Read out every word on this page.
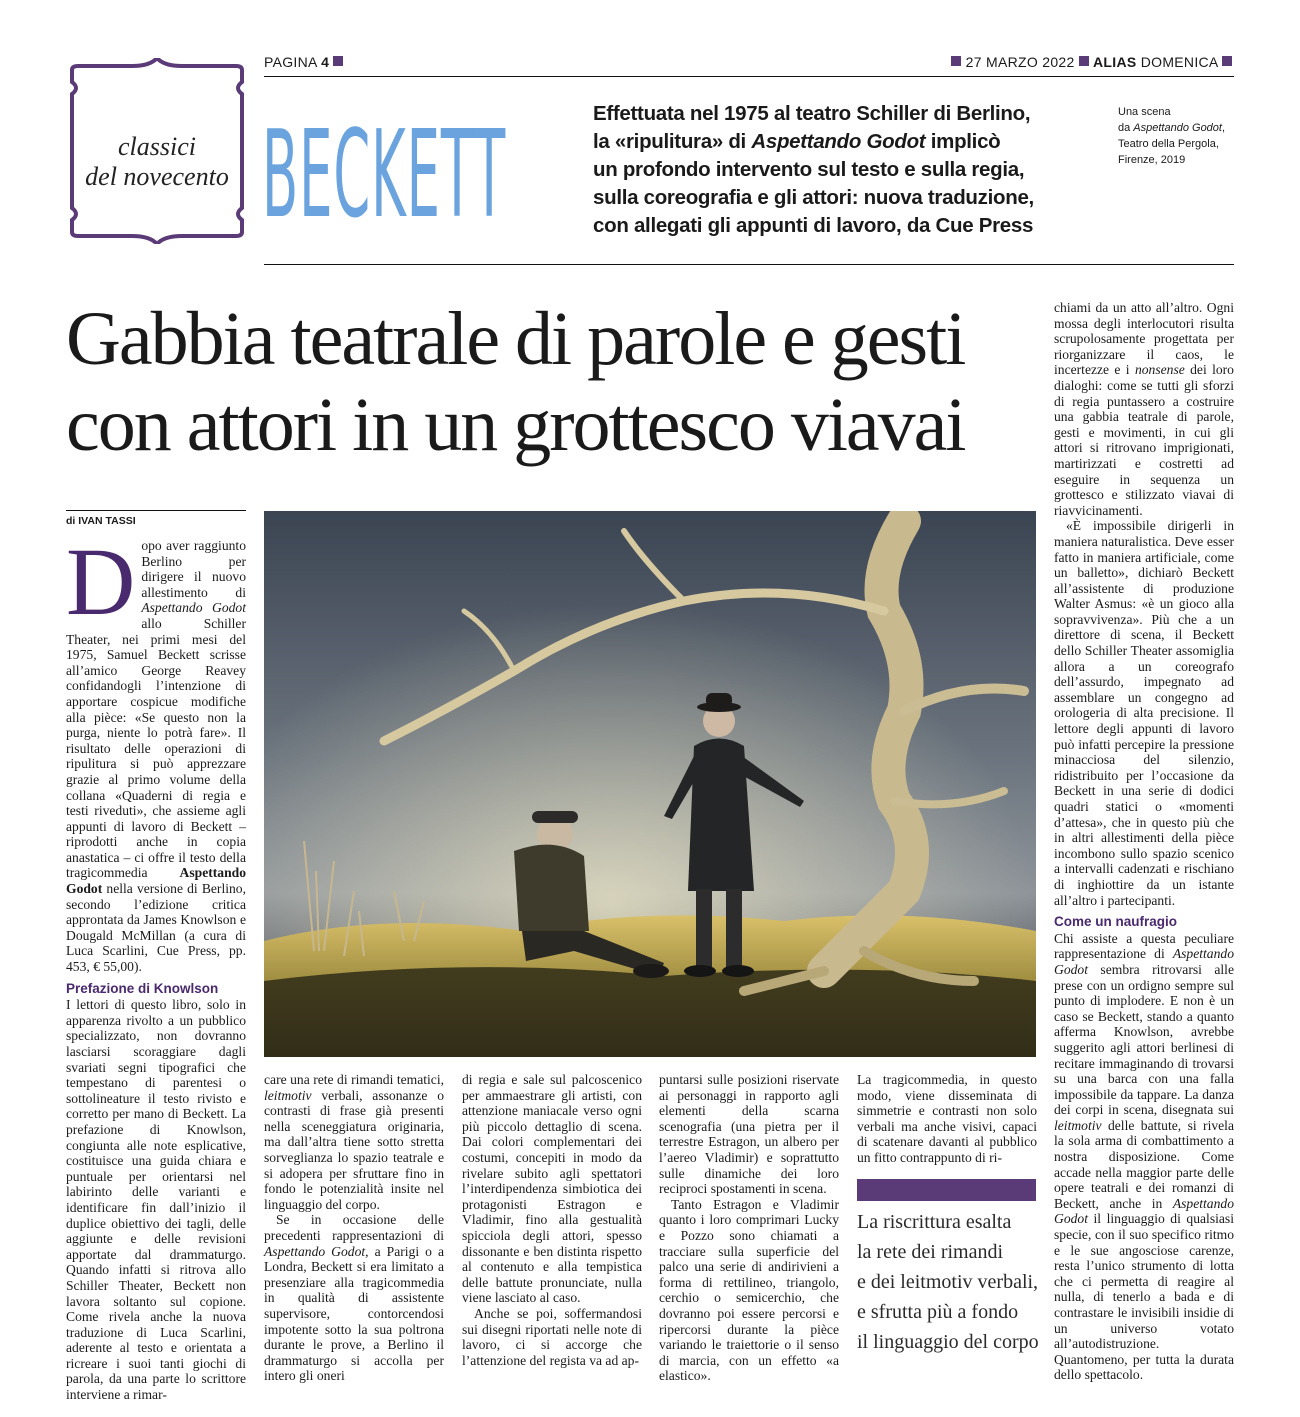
PAGINA 4	27 MARZO 2022 ALIAS DOMENICA
classici
del novecento BECKETT	Effettuata nel 1975 al teatro Schiller di Berlino,
la «ripulitura» di Aspettando Godot implicò
un profondo intervento sul testo e sulla regia,
sulla coreografia e gli attori: nuova traduzione,
con allegati gli appunti di lavoro, da Cue Press
Una scena
da Aspettando Godot,
Teatro della Pergola,
Firenze, 2019
Gabbia teatrale di parole e gesti
con attori in un grottesco viavai
di IVAN TASSI

Dopo aver raggiunto Berlino per dirigere il nuovo allestimento di Aspettando Godot allo Schiller Theater, nei primi mesi del 1975, Samuel Beckett scrisse all’amico George Reavey confidandogli l’intenzione di apportare cospicue modifiche alla pièce: «Se questo non la purga, niente lo potrà fare». Il risultato delle operazioni di ripulitura si può apprezzare grazie al primo volume della collana «Quaderni di regia e testi riveduti», che assieme agli appunti di lavoro di Beckett – riprodotti anche in copia anastatica – ci offre il testo della tragicommedia Aspettando Godot nella versione di Berlino, secondo l’edizione critica approntata da James Knowlson e Dougald McMillan (a cura di Luca Scarlini, Cue Press, pp. 453, € 55,00).

Prefazione di Knowlson

I lettori di questo libro, solo in apparenza rivolto a un pubblico specializzato, non dovranno lasciarsi scoraggiare dagli svariati segni tipografici che tempestano di parentesi o sottolineature il testo rivisto e corretto per mano di Beckett. La prefazione di Knowlson, congiunta alle note esplicative, costituisce una guida chiara e puntuale per orientarsi nel labirinto delle varianti e identificare fin dall’inizio il duplice obiettivo dei tagli, delle aggiunte e delle revisioni apportate dal drammaturgo. Quando infatti si ritrova allo Schiller Theater, Beckett non lavora soltanto sul copione. Come rivela anche la nuova traduzione di Luca Scarlini, aderente al testo e orientata a ricreare i suoi tanti giochi di parola, da una parte lo scrittore interviene a rimar-

care una rete di rimandi tematici, leitmotiv verbali, assonanze o contrasti di frase già presenti nella sceneggiatura originaria, ma dall’altra tiene sotto stretta sorveglianza lo spazio teatrale e si adopera per sfruttare fino in fondo le potenzialità insite nel linguaggio del corpo.

Se in occasione delle precedenti rappresentazioni di Aspettando Godot, a Parigi o a Londra, Beckett si era limitato a presenziare alla tragicommedia in qualità di assistente supervisore, contorcendosi impotente sotto la sua poltrona durante le prove, a Berlino il drammaturgo si accolla per intero gli oneri

di regia e sale sul palcoscenico per ammaestrare gli artisti, con attenzione maniacale verso ogni più piccolo dettaglio di scena. Dai colori complementari dei costumi, concepiti in modo da rivelare subito agli spettatori l’interdipendenza simbiotica dei protagonisti Estragon e Vladimir, fino alla gestualità spicciola degli attori, spesso dissonante e ben distinta rispetto al contenuto e alla tempistica delle battute pronunciate, nulla viene lasciato al caso.

Anche se poi, soffermandosi sui disegni riportati nelle note di lavoro, ci si accorge che l’attenzione del regista va ad ap-

puntarsi sulle posizioni riservate ai personaggi in rapporto agli elementi della scarna scenografia (una pietra per il terrestre Estragon, un albero per l’aereo Vladimir) e soprattutto sulle dinamiche dei loro reciproci spostamenti in scena.

Tanto Estragon e Vladimir quanto i loro comprimari Lucky e Pozzo sono chiamati a tracciare sulla superficie del palco una serie di andirivieni a forma di rettilineo, triangolo, cerchio o semicerchio, che dovranno poi essere percorsi e ripercorsi durante la pièce variando le traiettorie o il senso di marcia, con un effetto «a elastico».

La tragicommedia, in questo modo, viene disseminata di simmetrie e contrasti non solo verbali ma anche visivi, capaci di scatenare davanti al pubblico un fitto contrappunto di ri-

La riscrittura esalta
la rete dei rimandi
e dei leitmotiv verbali,
e sfrutta più a fondo
il linguaggio del corpo

chiami da un atto all’altro. Ogni mossa degli interlocutori risulta scrupolosamente progettata per riorganizzare il caos, le incertezze e i nonsense dei loro dialoghi: come se tutti gli sforzi di regia puntassero a costruire una gabbia teatrale di parole, gesti e movimenti, in cui gli attori si ritrovano imprigionati, martirizzati e costretti ad eseguire in sequenza un grottesco e stilizzato viavai di riavvicinamenti.

«È impossibile dirigerli in maniera naturalistica. Deve esser fatto in maniera artificiale, come un balletto», dichiarò Beckett all’assistente di produzione Walter Asmus: «è un gioco alla sopravvivenza». Più che a un direttore di scena, il Beckett dello Schiller Theater assomiglia allora a un coreografo dell’assurdo, impegnato ad assemblare un congegno ad orologeria di alta precisione. Il lettore degli appunti di lavoro può infatti percepire la pressione minacciosa del silenzio, ridistribuito per l’occasione da Beckett in una serie di dodici quadri statici o «momenti d’attesa», che in questo più che in altri allestimenti della pièce incombono sullo spazio scenico a intervalli cadenzati e rischiano di inghiottire da un istante all’altro i partecipanti.

Come un naufragio

Chi assiste a questa peculiare rappresentazione di Aspettando Godot sembra ritrovarsi alle prese con un ordigno sempre sul punto di implodere. E non è un caso se Beckett, stando a quanto afferma Knowlson, avrebbe suggerito agli attori berlinesi di recitare immaginando di trovarsi su una barca con una falla impossibile da tappare. La danza dei corpi in scena, disegnata sui leitmotiv delle battute, si rivela la sola arma di combattimento a nostra disposizione. Come accade nella maggior parte delle opere teatrali e dei romanzi di Beckett, anche in Aspettando Godot il linguaggio di qualsiasi specie, con il suo specifico ritmo e le sue angosciose carenze, resta l’unico strumento di lotta che ci permetta di reagire al nulla, di tenerlo a bada e di contrastare le invisibili insidie di un universo votato all’autodistruzione. Quantomeno, per tutta la durata dello spettacolo.
